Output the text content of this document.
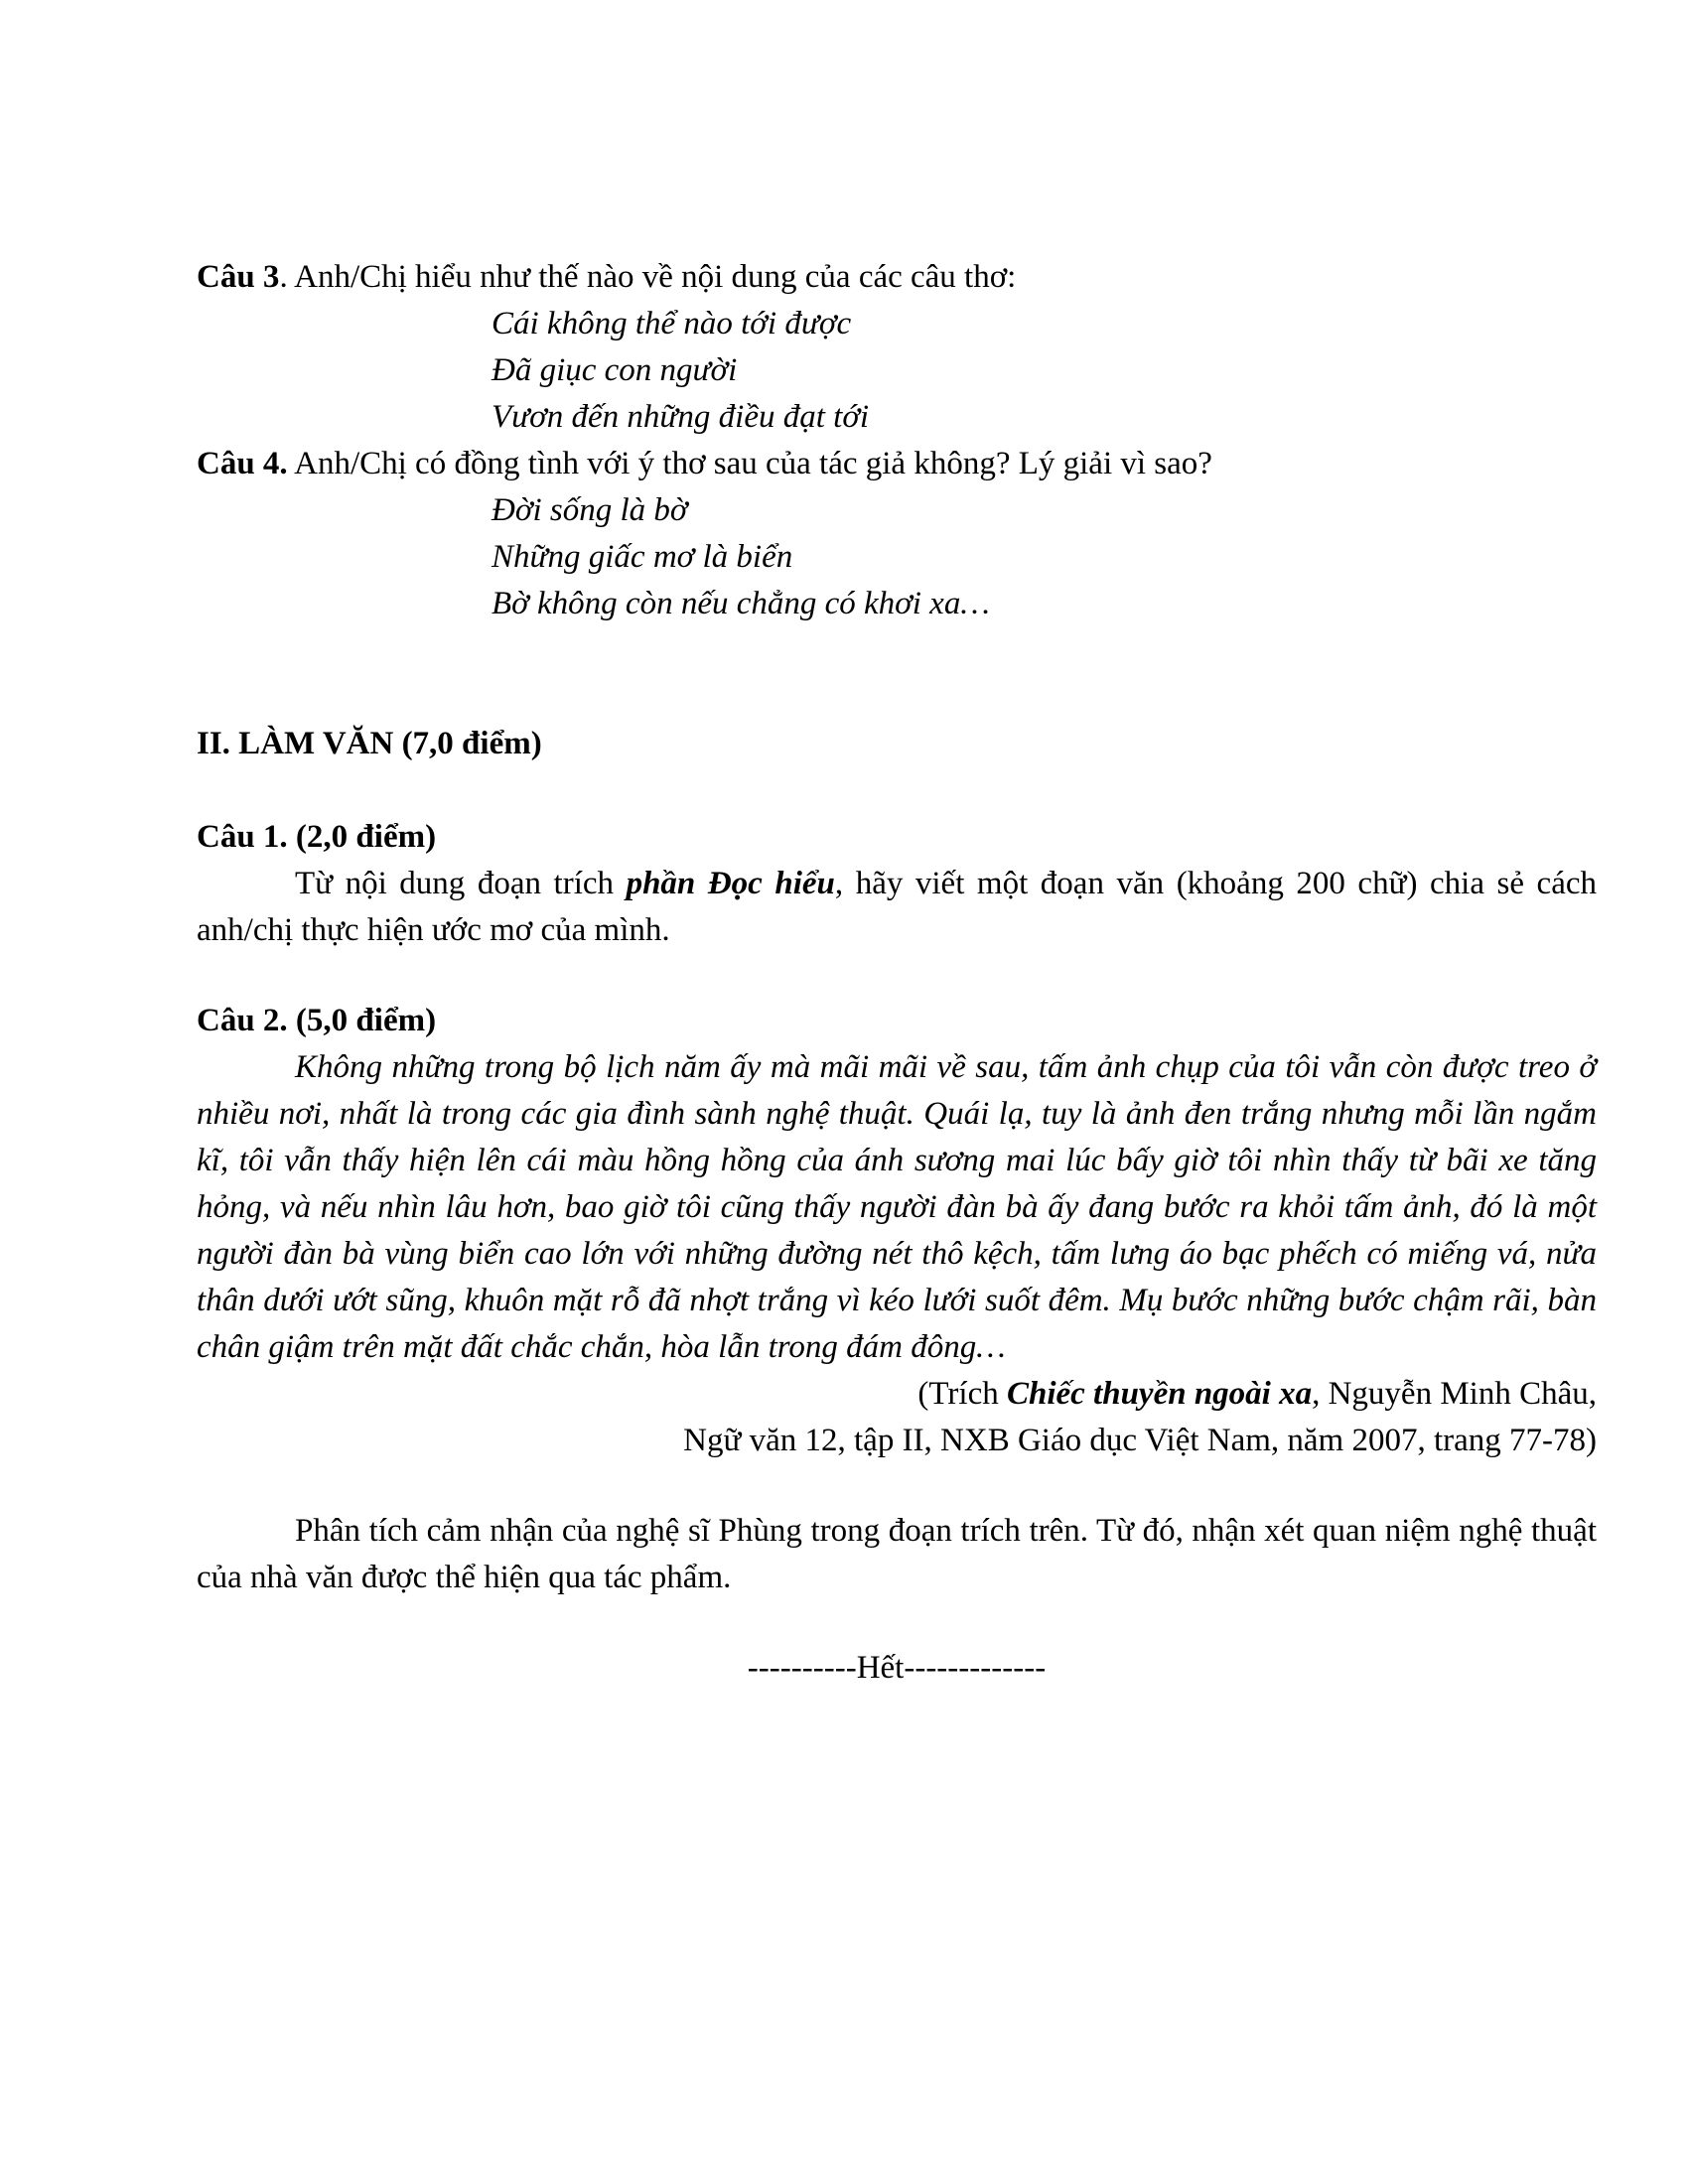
Câu 3. Anh/Chị hiểu như thế nào về nội dung của các câu thơ:

Cái không thể nào tới được

Đã giục con người

Vươn đến những điều đạt tới

Câu 4. Anh/Chị có đồng tình với ý thơ sau của tác giả không? Lý giải vì sao?

Đời sống là bờ

Những giấc mơ là biển

Bờ không còn nếu chẳng có khơi xa…

II. LÀM VĂN (7,0 điểm)

Câu 1. (2,0 điểm)

Từ nội dung đoạn trích phần Đọc hiểu, hãy viết một đoạn văn (khoảng 200 chữ) chia sẻ cách anh/chị thực hiện ước mơ của mình.

Câu 2. (5,0 điểm)

Không những trong bộ lịch năm ấy mà mãi mãi về sau, tấm ảnh chụp của tôi vẫn còn được treo ở nhiều nơi, nhất là trong các gia đình sành nghệ thuật. Quái lạ, tuy là ảnh đen trắng nhưng mỗi lần ngắm kĩ, tôi vẫn thấy hiện lên cái màu hồng hồng của ánh sương mai lúc bấy giờ tôi nhìn thấy từ bãi xe tăng hỏng, và nếu nhìn lâu hơn, bao giờ tôi cũng thấy người đàn bà ấy đang bước ra khỏi tấm ảnh, đó là một người đàn bà vùng biển cao lớn với những đường nét thô kệch, tấm lưng áo bạc phếch có miếng vá, nửa thân dưới ướt sũng, khuôn mặt rỗ đã nhợt trắng vì kéo lưới suốt đêm. Mụ bước những bước chậm rãi, bàn chân giậm trên mặt đất chắc chắn, hòa lẫn trong đám đông…

(Trích Chiếc thuyền ngoài xa, Nguyễn Minh Châu,

Ngữ văn 12, tập II, NXB Giáo dục Việt Nam, năm 2007, trang 77-78)

Phân tích cảm nhận của nghệ sĩ Phùng trong đoạn trích trên. Từ đó, nhận xét quan niệm nghệ thuật của nhà văn được thể hiện qua tác phẩm.

----------Hết-------------
